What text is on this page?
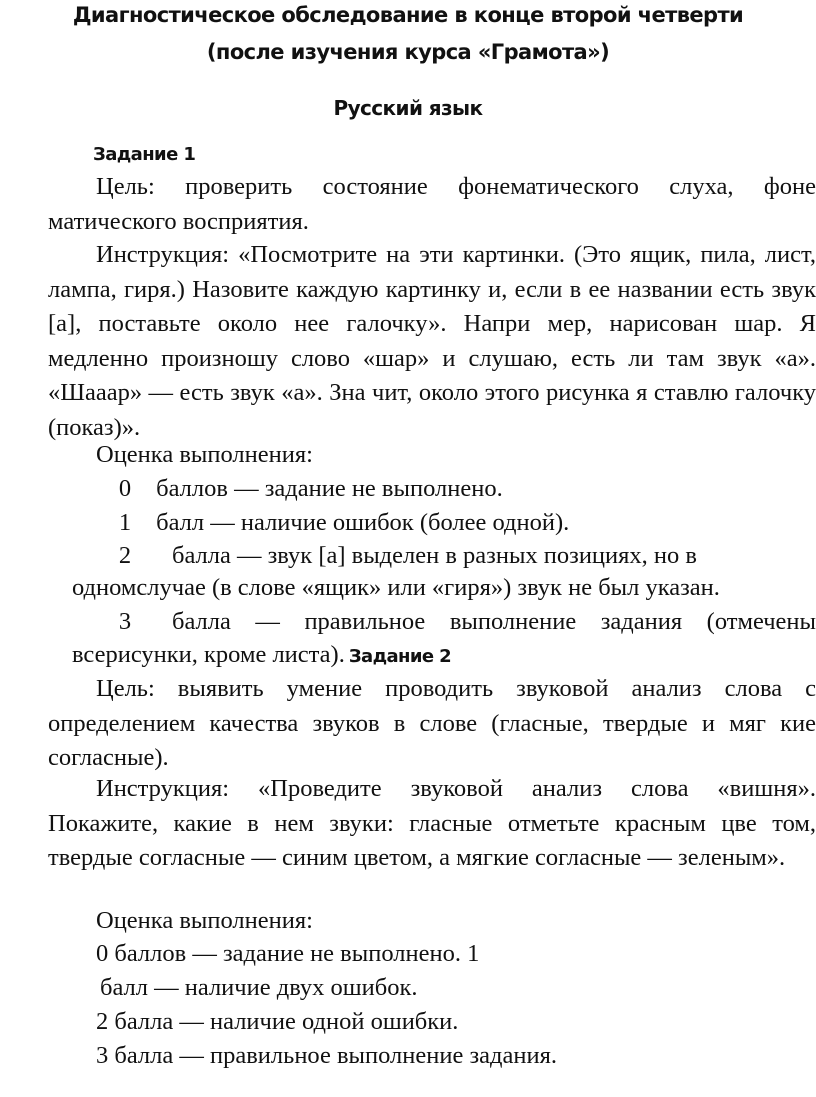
Диагностическое обследование в конце второй четверти
(после изучения курса «Грамота»)
Русский язык
Задание 1
Цель: проверить состояние фонематического слуха, фоне матического восприятия.
Инструкция: «Посмотрите на эти картинки. (Это ящик, пила, лист, лампа, гиря.) Назовите каждую картинку и, если в ее названии есть звук [а], поставьте около нее галочку». Напри мер, нарисован шар. Я медленно произношу слово «шар» и слушаю, есть ли там звук «а». «Шааар» — есть звук «а». Зна чит, около этого рисунка я ставлю галочку (показ)».
Оценка выполнения:
0 баллов — задание не выполнено.
1 балл — наличие ошибок (более одной).
2	балла — звук [а] выделен в разных позициях, но в
одномслучае (в слове «ящик» или «гиря») звук не был указан.
3	балла — правильное выполнение задания (отмечены
всерисунки, кроме листа). Задание 2
Цель: выявить умение проводить звуковой анализ слова с определением качества звуков в слове (гласные, твердые и мяг кие согласные).
Инструкция: «Проведите звуковой анализ слова «вишня». Покажите, какие в нем звуки: гласные отметьте красным цве том, твердые согласные — синим цветом, а мягкие согласные — зеленым».
Оценка выполнения:
0 баллов — задание не выполнено. 1
балл — наличие двух ошибок.
2 балла — наличие одной ошибки.
3 балла — правильное выполнение задания.
